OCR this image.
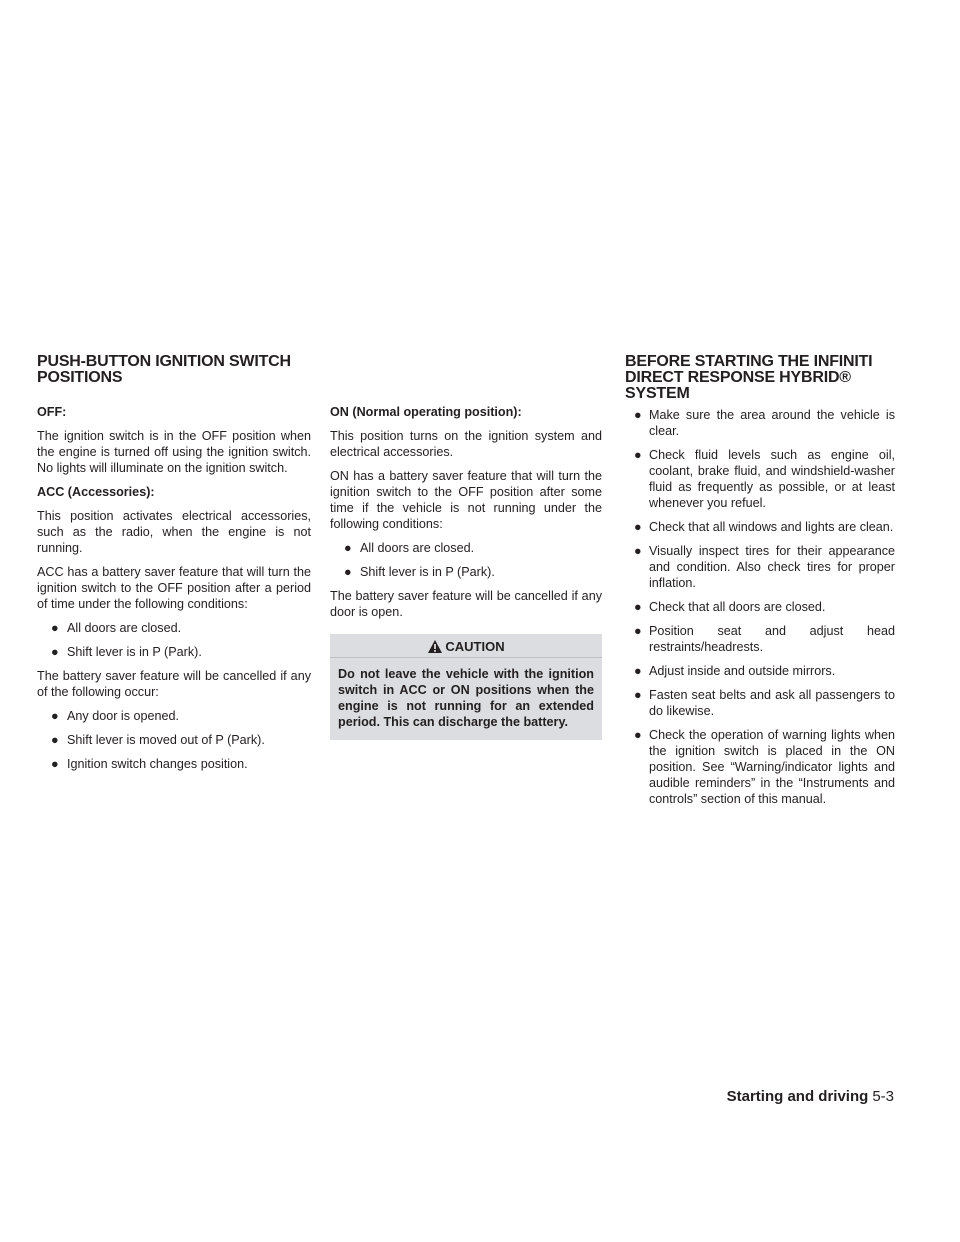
PUSH-BUTTON IGNITION SWITCH
POSITIONS
OFF:

The ignition switch is in the OFF position when the engine is turned off using the ignition switch. No lights will illuminate on the ignition switch.

ACC (Accessories):

This position activates electrical accessories, such as the radio, when the engine is not running.

ACC has a battery saver feature that will turn the ignition switch to the OFF position after a period of time under the following conditions:

● All doors are closed.
● Shift lever is in P (Park).

The battery saver feature will be cancelled if any of the following occur:

● Any door is opened.
● Shift lever is moved out of P (Park).
● Ignition switch changes position.
ON (Normal operating position):

This position turns on the ignition system and electrical accessories.

ON has a battery saver feature that will turn the ignition switch to the OFF position after some time if the vehicle is not running under the following conditions:

● All doors are closed.
● Shift lever is in P (Park).

The battery saver feature will be cancelled if any door is open.

CAUTION
Do not leave the vehicle with the ignition switch in ACC or ON positions when the engine is not running for an extended period. This can discharge the battery.
BEFORE STARTING THE INFINITI
DIRECT RESPONSE HYBRID®
SYSTEM
● Make sure the area around the vehicle is clear.
● Check fluid levels such as engine oil, coolant, brake fluid, and windshield-washer fluid as frequently as possible, or at least whenever you refuel.
● Check that all windows and lights are clean.
● Visually inspect tires for their appearance and condition. Also check tires for proper inflation.
● Check that all doors are closed.
● Position seat and adjust head restraints/headrests.
● Adjust inside and outside mirrors.
● Fasten seat belts and ask all passengers to do likewise.
● Check the operation of warning lights when the ignition switch is placed in the ON position. See “Warning/indicator lights and audible reminders” in the “Instruments and controls” section of this manual.
Starting and driving 5-3
